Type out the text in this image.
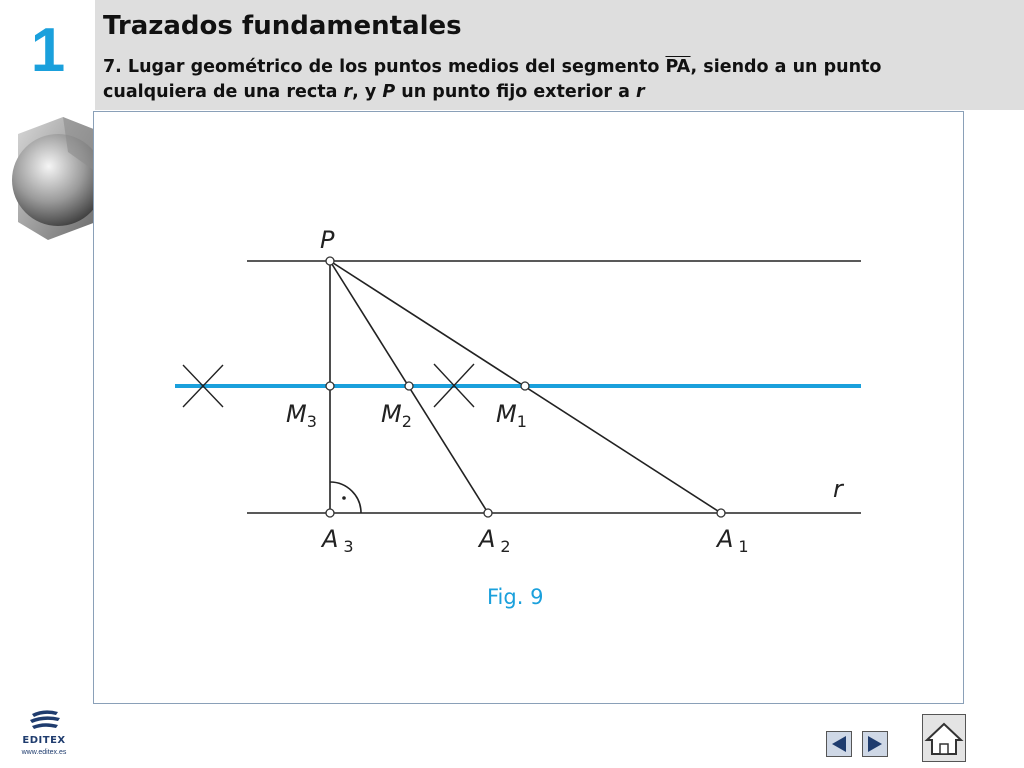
1 Trazados fundamentales
7. Lugar geométrico de los puntos medios del segmento $\overline{PA}$, siendo a un punto cualquiera de una recta r, y P un punto fijo exterior a r
P
$M_3$	$M_2$	$M_1$
A $_3$	A $_2$	A $_1$
r
Fig. 9
EDITEX
www.editex.es
